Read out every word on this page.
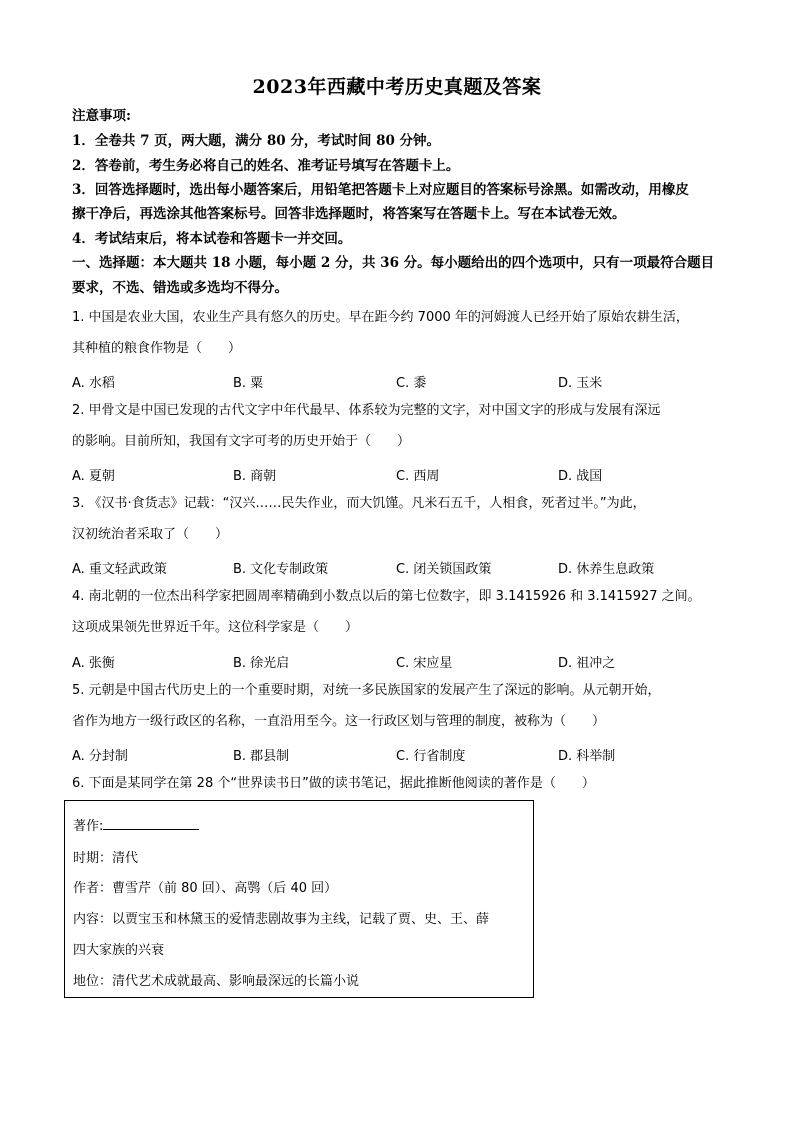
2023年西藏中考历史真题及答案
注意事项:
1．全卷共 7 页，两大题，满分 80 分，考试时间 80 分钟。
2．答卷前，考生务必将自己的姓名、准考证号填写在答题卡上。
3．回答选择题时，选出每小题答案后，用铅笔把答题卡上对应题目的答案标号涂黑。如需改动，用橡皮
擦干净后，再选涂其他答案标号。回答非选择题时，将答案写在答题卡上。写在本试卷无效。
4．考试结束后，将本试卷和答题卡一并交回。
一、选择题：本大题共 18 小题，每小题 2 分，共 36 分。每小题给出的四个选项中，只有一项最符合题目
要求，不选、错选或多选均不得分。
1. 中国是农业大国，农业生产具有悠久的历史。早在距今约 7000 年的河姆渡人已经开始了原始农耕生活，
其种植的粮食作物是（　　）
A. 水稻	B. 粟	C. 黍	D. 玉米
2. 甲骨文是中国已发现的古代文字中年代最早、体系较为完整的文字，对中国文字的形成与发展有深远
的影响。目前所知，我国有文字可考的历史开始于（　　）
A. 夏朝	B. 商朝	C. 西周	D. 战国
3. 《汉书·食货志》记载：“汉兴……民失作业，而大饥馑。凡米石五千，人相食，死者过半。”为此，
汉初统治者采取了（　　）
A. 重文轻武政策	B. 文化专制政策	C. 闭关锁国政策	D. 休养生息政策
4. 南北朝的一位杰出科学家把圆周率精确到小数点以后的第七位数字，即 3.1415926 和 3.1415927 之间。
这项成果领先世界近千年。这位科学家是（　　）
A. 张衡	B. 徐光启	C. 宋应星	D. 祖冲之
5. 元朝是中国古代历史上的一个重要时期，对统一多民族国家的发展产生了深远的影响。从元朝开始，
省作为地方一级行政区的名称，一直沿用至今。这一行政区划与管理的制度，被称为（　　）
A. 分封制	B. 郡县制	C. 行省制度	D. 科举制
6. 下面是某同学在第 28 个“世界读书日”做的读书笔记，据此推断他阅读的著作是（　　）
著作:
时期：清代
作者：曹雪芹（前 80 回）、高鹗（后 40 回）
内容：以贾宝玉和林黛玉的爱情悲剧故事为主线，记载了贾、史、王、薛
四大家族的兴衰
地位：清代艺术成就最高、影响最深远的长篇小说
